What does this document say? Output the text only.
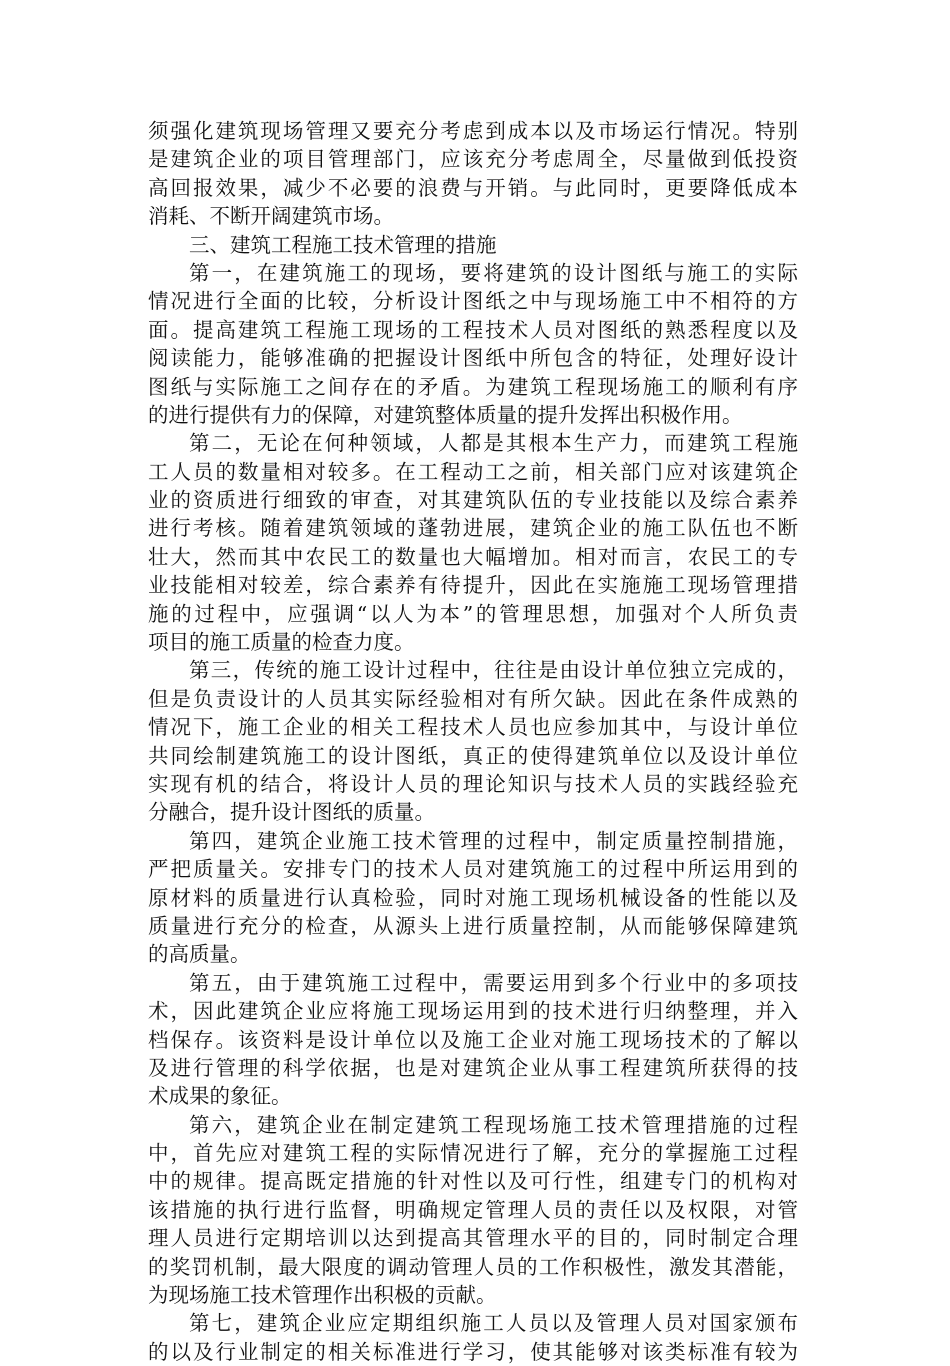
须强化建筑现场管理又要充分考虑到成本以及市场运行情况。特别
是建筑企业的项目管理部门，应该充分考虑周全，尽量做到低投资
高回报效果，减少不必要的浪费与开销。与此同时，更要降低成本
消耗、不断开阔建筑市场。
三、建筑工程施工技术管理的措施
第一，在建筑施工的现场，要将建筑的设计图纸与施工的实际
情况进行全面的比较，分析设计图纸之中与现场施工中不相符的方
面。提高建筑工程施工现场的工程技术人员对图纸的熟悉程度以及
阅读能力，能够准确的把握设计图纸中所包含的特征，处理好设计
图纸与实际施工之间存在的矛盾。为建筑工程现场施工的顺利有序
的进行提供有力的保障，对建筑整体质量的提升发挥出积极作用。
第二，无论在何种领域，人都是其根本生产力，而建筑工程施
工人员的数量相对较多。在工程动工之前，相关部门应对该建筑企
业的资质进行细致的审查，对其建筑队伍的专业技能以及综合素养
进行考核。随着建筑领域的蓬勃进展，建筑企业的施工队伍也不断
壮大，然而其中农民工的数量也大幅增加。相对而言，农民工的专
业技能相对较差，综合素养有待提升，因此在实施施工现场管理措
施的过程中，应强调“以人为本”的管理思想，加强对个人所负责
项目的施工质量的检查力度。
第三，传统的施工设计过程中，往往是由设计单位独立完成的，
但是负责设计的人员其实际经验相对有所欠缺。因此在条件成熟的
情况下，施工企业的相关工程技术人员也应参加其中，与设计单位
共同绘制建筑施工的设计图纸，真正的使得建筑单位以及设计单位
实现有机的结合，将设计人员的理论知识与技术人员的实践经验充
分融合，提升设计图纸的质量。
第四，建筑企业施工技术管理的过程中，制定质量控制措施，
严把质量关。安排专门的技术人员对建筑施工的过程中所运用到的
原材料的质量进行认真检验，同时对施工现场机械设备的性能以及
质量进行充分的检查，从源头上进行质量控制，从而能够保障建筑
的高质量。
第五，由于建筑施工过程中，需要运用到多个行业中的多项技
术，因此建筑企业应将施工现场运用到的技术进行归纳整理，并入
档保存。该资料是设计单位以及施工企业对施工现场技术的了解以
及进行管理的科学依据，也是对建筑企业从事工程建筑所获得的技
术成果的象征。
第六，建筑企业在制定建筑工程现场施工技术管理措施的过程
中，首先应对建筑工程的实际情况进行了解，充分的掌握施工过程
中的规律。提高既定措施的针对性以及可行性，组建专门的机构对
该措施的执行进行监督，明确规定管理人员的责任以及权限，对管
理人员进行定期培训以达到提高其管理水平的目的，同时制定合理
的奖罚机制，最大限度的调动管理人员的工作积极性，激发其潜能，
为现场施工技术管理作出积极的贡献。
第七，建筑企业应定期组织施工人员以及管理人员对国家颁布
的以及行业制定的相关标准进行学习，使其能够对该类标准有较为
